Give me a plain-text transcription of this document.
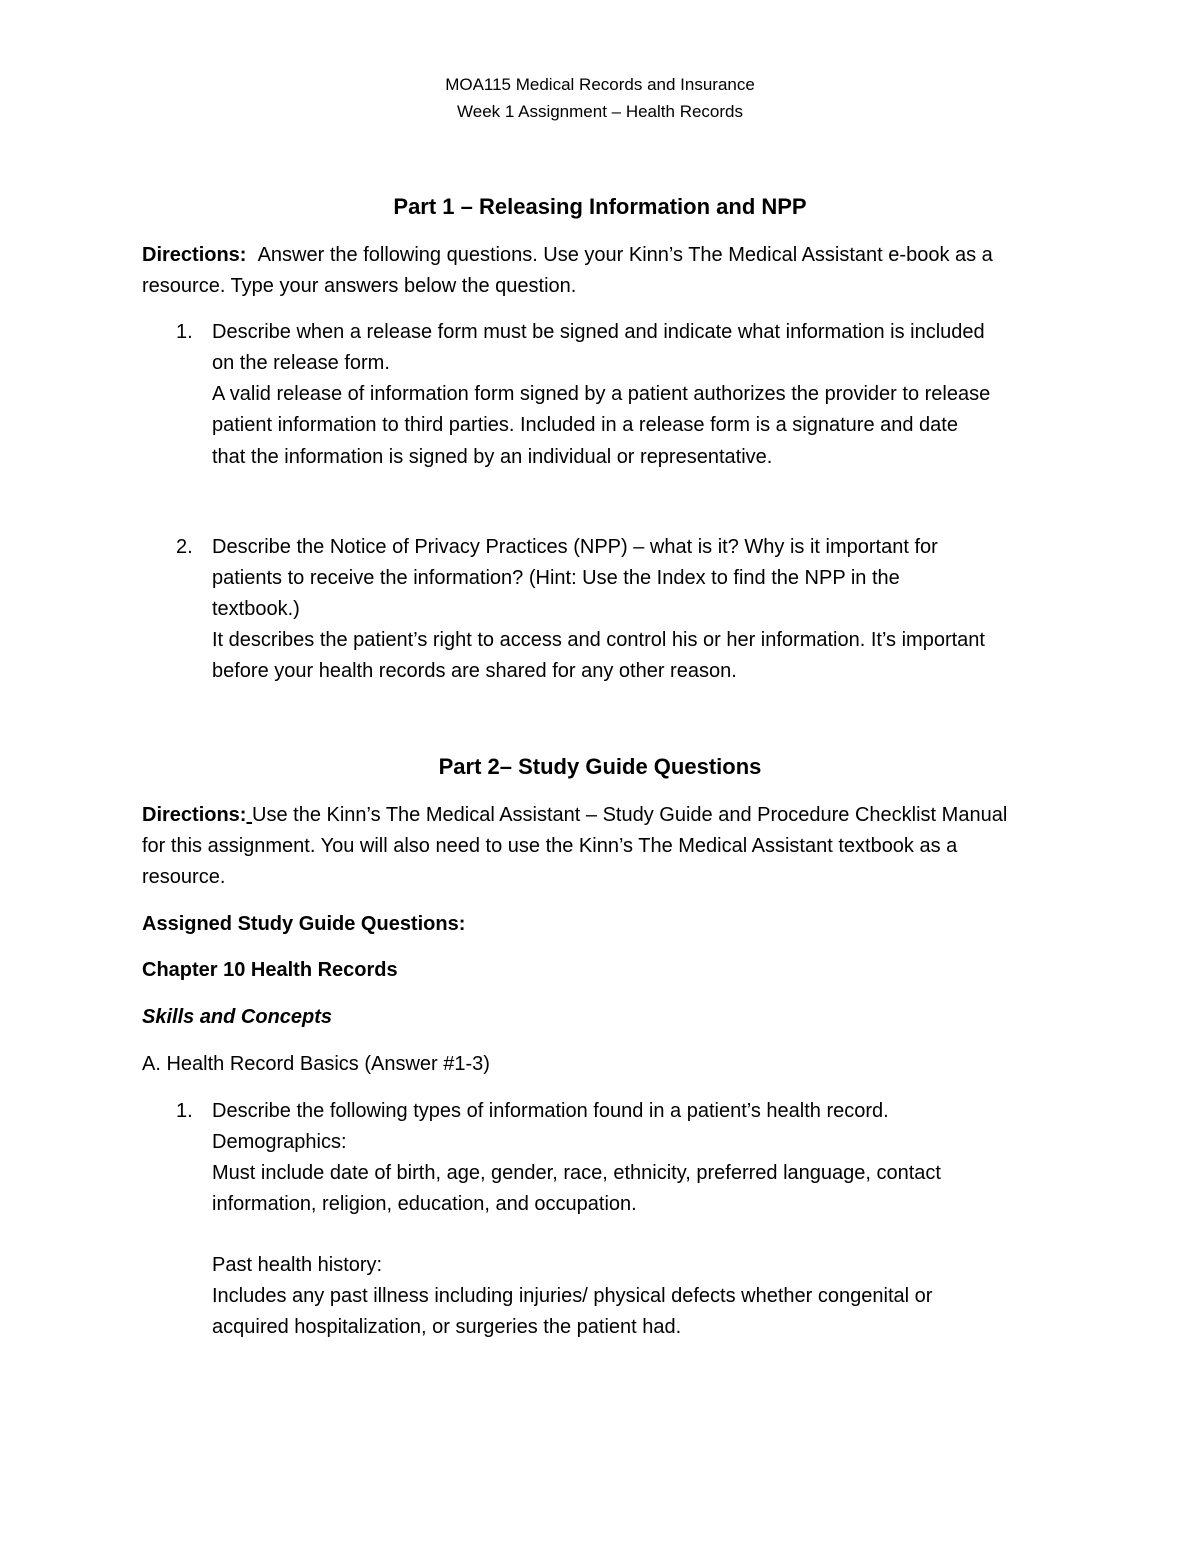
MOA115 Medical Records and Insurance

Week 1 Assignment – Health Records

Part 1 – Releasing Information and NPP

Directions: Answer the following questions. Use your Kinn’s The Medical Assistant e-book as a

resource. Type your answers below the question.

1. Describe when a release form must be signed and indicate what information is included

on the release form.

A valid release of information form signed by a patient authorizes the provider to release

patient information to third parties. Included in a release form is a signature and date

that the information is signed by an individual or representative.

2. Describe the Notice of Privacy Practices (NPP) – what is it? Why is it important for

patients to receive the information? (Hint: Use the Index to find the NPP in the

textbook.)

It describes the patient’s right to access and control his or her information. It’s important

before your health records are shared for any other reason.

Part 2– Study Guide Questions

Directions: Use the Kinn’s The Medical Assistant – Study Guide and Procedure Checklist Manual

for this assignment. You will also need to use the Kinn’s The Medical Assistant textbook as a

resource.

Assigned Study Guide Questions:

Chapter 10 Health Records

Skills and Concepts

A. Health Record Basics (Answer #1-3)

1. Describe the following types of information found in a patient’s health record.

Demographics:

Must include date of birth, age, gender, race, ethnicity, preferred language, contact

information, religion, education, and occupation.

Past health history:

Includes any past illness including injuries/ physical defects whether congenital or

acquired hospitalization, or surgeries the patient had.
